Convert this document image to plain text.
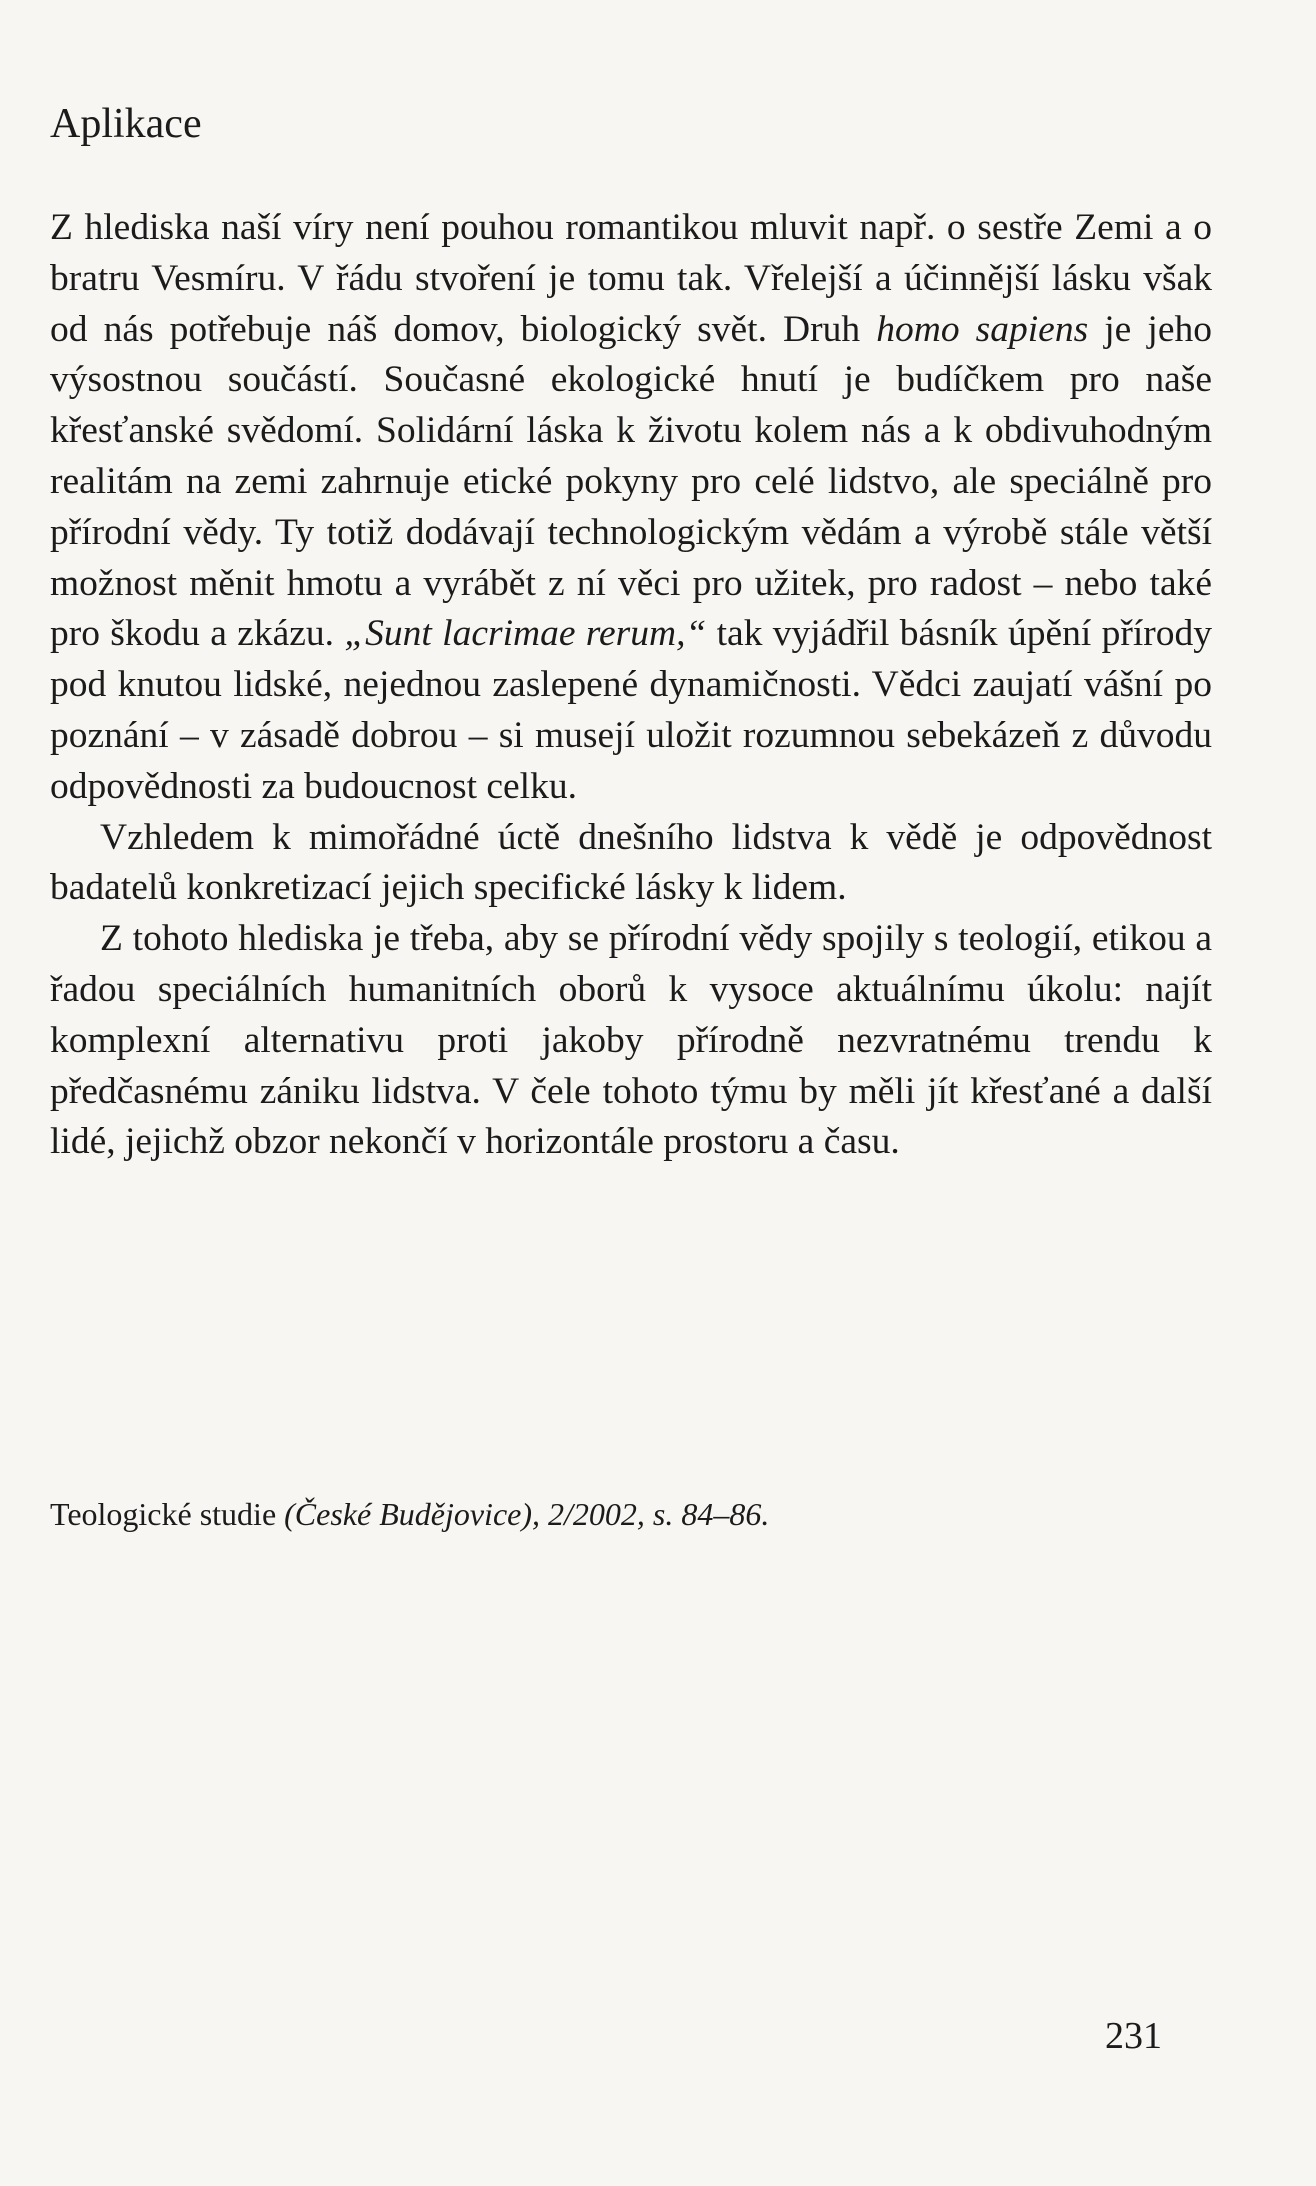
Aplikace

Z hlediska naší víry není pouhou romantikou mluvit např. o sestře Zemi a o bratru Vesmíru. V řádu stvoření je tomu tak. Vřelejší a účinnější lásku však od nás potřebuje náš domov, biologický svět. Druh homo sapiens je jeho výsostnou součástí. Současné ekologické hnutí je budíčkem pro naše křesťanské svědomí. Solidární láska k životu kolem nás a k obdivuhodným realitám na zemi zahrnuje etické pokyny pro celé lidstvo, ale speciálně pro přírodní vědy. Ty totiž dodávají technologickým vědám a výrobě stále větší možnost měnit hmotu a vyrábět z ní věci pro užitek, pro radost – nebo také pro škodu a zkázu. „Sunt lacrimae rerum,“ tak vyjádřil básník úpění přírody pod knutou lidské, nejednou zaslepené dynamičnosti. Vědci zaujatí vášní po poznání – v zásadě dobrou – si musejí uložit rozumnou sebekázeň z důvodu odpovědnosti za budoucnost celku.

Vzhledem k mimořádné úctě dnešního lidstva k vědě je odpovědnost badatelů konkretizací jejich specifické lásky k lidem.

Z tohoto hlediska je třeba, aby se přírodní vědy spojily s teologií, etikou a řadou speciálních humanitních oborů k vysoce aktuálnímu úkolu: najít komplexní alternativu proti jakoby přírodně nezvratnému trendu k předčasnému zániku lidstva. V čele tohoto týmu by měli jít křesťané a další lidé, jejichž obzor nekončí v horizontále prostoru a času.

Teologické studie (České Budějovice), 2/2002, s. 84–86.
231
